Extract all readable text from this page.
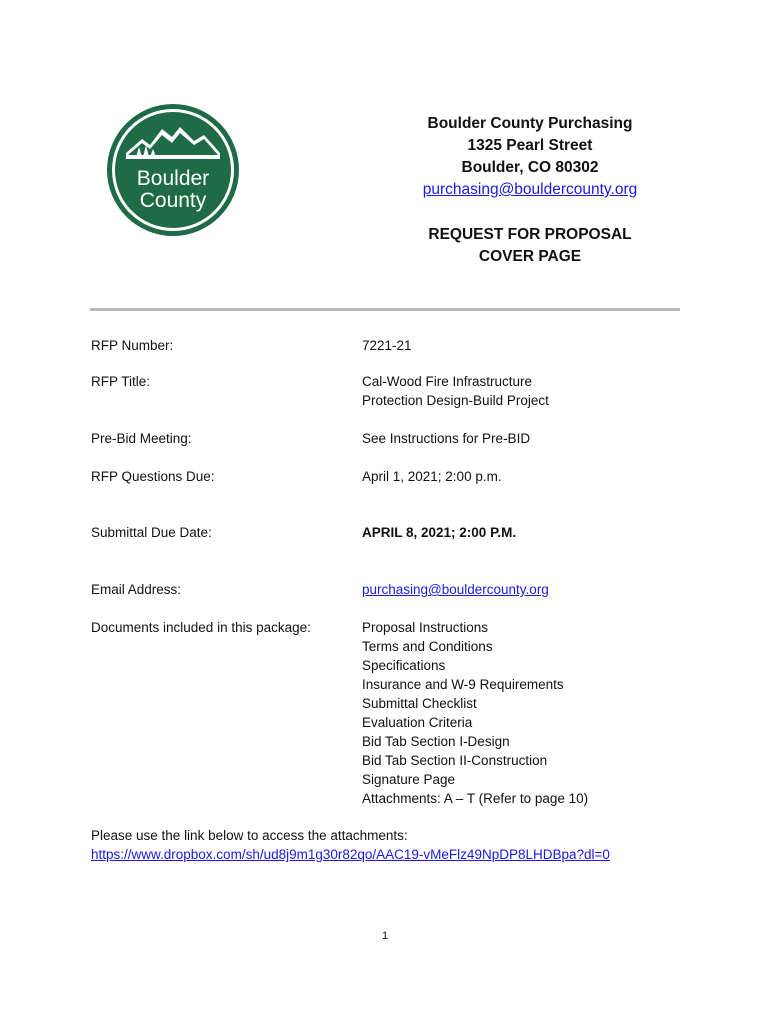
Boulder
County
Boulder County Purchasing
1325 Pearl Street
Boulder, CO 80302
purchasing@bouldercounty.org
REQUEST FOR PROPOSAL
COVER PAGE
RFP Number:	7221-21
RFP Title:	Cal-Wood Fire Infrastructure
Protection Design-Build Project
Pre-Bid Meeting:	See Instructions for Pre-BID
RFP Questions Due:	April 1, 2021; 2:00 p.m.
Submittal Due Date:	APRIL 8, 2021; 2:00 P.M.
Email Address:	purchasing@bouldercounty.org
Documents included in this package:	Proposal Instructions
Terms and Conditions
Specifications
Insurance and W-9 Requirements
Submittal Checklist
Evaluation Criteria
Bid Tab Section I-Design
Bid Tab Section II-Construction
Signature Page
Attachments: A – T (Refer to page 10)
Please use the link below to access the attachments:
https://www.dropbox.com/sh/ud8j9m1g30r82qo/AAC19-vMeFlz49NpDP8LHDBpa?dl=0
1
